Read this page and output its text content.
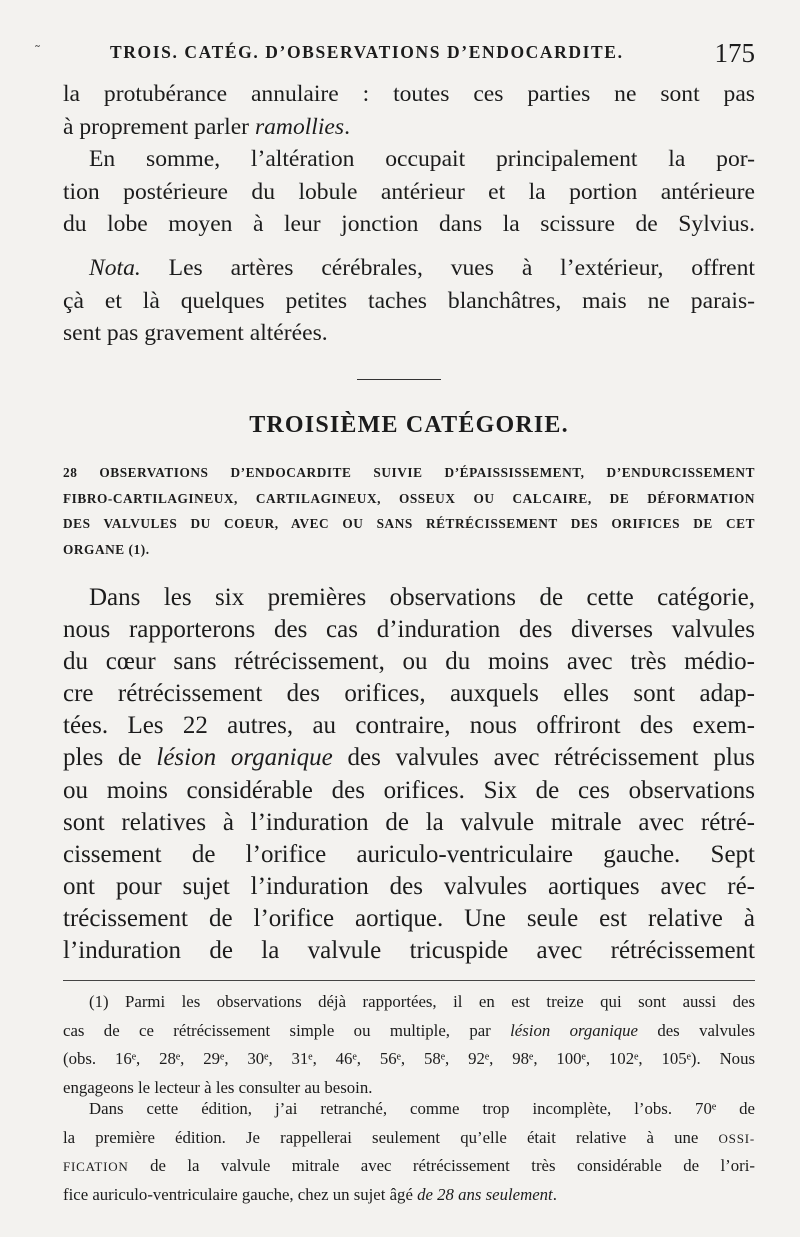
˜	TROIS. CATÉG. D’OBSERVATIONS D’ENDOCARDITE.	175
la protubérance annulaire : toutes ces parties ne sont pas
à proprement parler ramollies.
En somme, l’altération occupait principalement la por-
tion postérieure du lobule antérieur et la portion antérieure
du lobe moyen à leur jonction dans la scissure de Sylvius.
Nota. Les artères cérébrales, vues à l’extérieur, offrent
çà et là quelques petites taches blanchâtres, mais ne parais-
sent pas gravement altérées.
TROISIÈME CATÉGORIE.
28 OBSERVATIONS D’ENDOCARDITE SUIVIE D’ÉPAISSISSEMENT, D’ENDURCISSEMENT
FIBRO-CARTILAGINEUX, CARTILAGINEUX, OSSEUX OU CALCAIRE, DE DÉFORMATION
DES VALVULES DU COEUR, AVEC OU SANS RÉTRÉCISSEMENT DES ORIFICES DE CET
ORGANE (1).
Dans les six premières observations de cette catégorie,
nous rapporterons des cas d’induration des diverses valvules
du cœur sans rétrécissement, ou du moins avec très médio-
cre rétrécissement des orifices, auxquels elles sont adap-
tées. Les 22 autres, au contraire, nous offriront des exem-
ples de lésion organique des valvules avec rétrécissement plus
ou moins considérable des orifices. Six de ces observations
sont relatives à l’induration de la valvule mitrale avec rétré-
cissement de l’orifice auriculo-ventriculaire gauche. Sept
ont pour sujet l’induration des valvules aortiques avec ré-
trécissement de l’orifice aortique. Une seule est relative à
l’induration de la valvule tricuspide avec rétrécissement
(1) Parmi les observations déjà rapportées, il en est treize qui sont aussi des
cas de ce rétrécissement simple ou multiple, par lésion organique des valvules
(obs. 16ᵉ, 28ᵉ, 29ᵉ, 30ᵉ, 31ᵉ, 46ᵉ, 56ᵉ, 58ᵉ, 92ᵉ, 98ᵉ, 100ᵉ, 102ᵉ, 105ᵉ). Nous
engageons le lecteur à les consulter au besoin.
Dans cette édition, j’ai retranché, comme trop incomplète, l’obs. 70ᵉ de
la première édition. Je rappellerai seulement qu’elle était relative à une OSSI-
FICATION de la valvule mitrale avec rétrécissement très considérable de l’ori-
fice auriculo-ventriculaire gauche, chez un sujet âgé de 28 ans seulement.
